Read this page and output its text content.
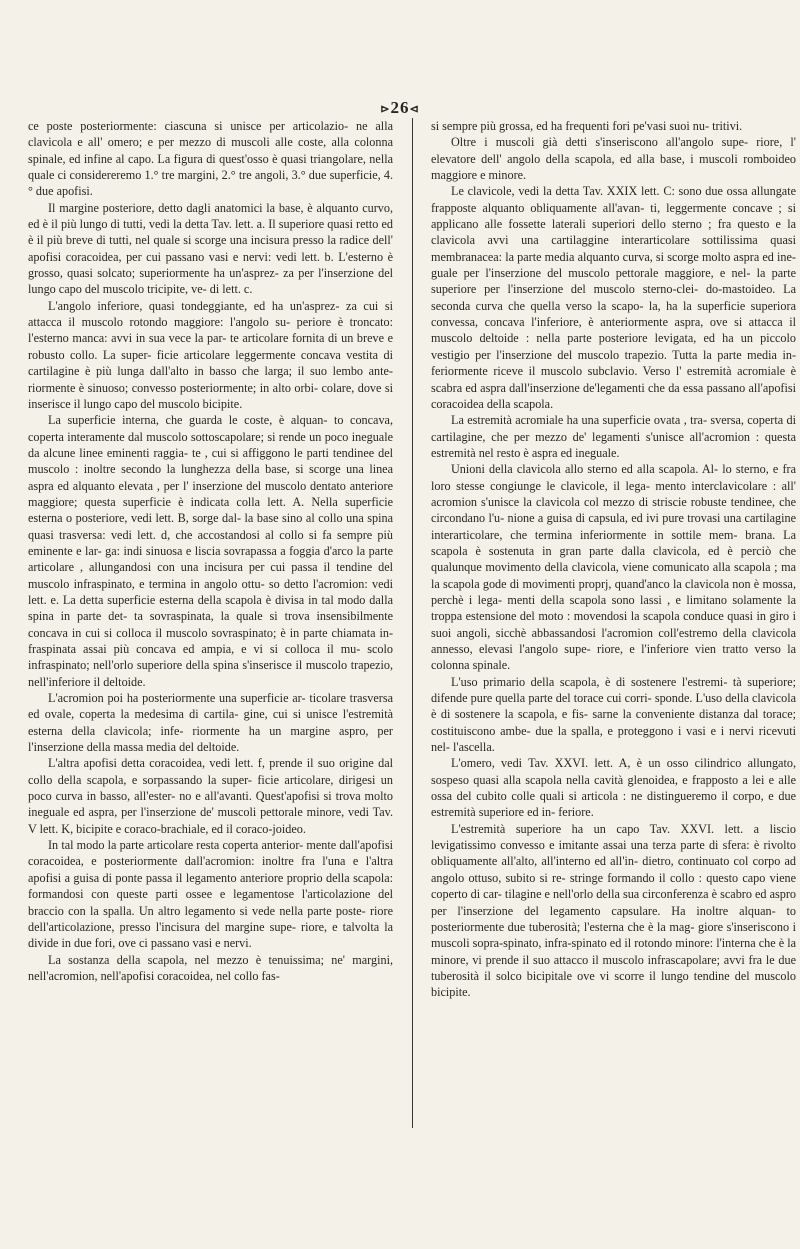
⊳26⊲

ce poste posteriormente: ciascuna si unisce per articolazio- ne alla clavicola e all' omero; e per mezzo di muscoli alle coste, alla colonna spinale, ed infine al capo. La figura di quest'osso è quasi triangolare, nella quale ci considereremo 1.° tre margini, 2.° tre angoli, 3.° due superficie, 4.° due apofisi.

Il margine posteriore, detto dagli anatomici la base, è alquanto curvo, ed è il più lungo di tutti, vedi la detta Tav. lett. a. Il superiore quasi retto ed è il più breve di tutti, nel quale si scorge una incisura presso la radice dell' apofisi coracoidea, per cui passano vasi e nervi: vedi lett. b. L'esterno è grosso, quasi solcato; superiormente ha un'asprez- za per l'inserzione del lungo capo del muscolo tricipite, ve- di lett. c.

L'angolo inferiore, quasi tondeggiante, ed ha un'asprez- za cui si attacca il muscolo rotondo maggiore: l'angolo su- periore è troncato: l'esterno manca: avvi in sua vece la par- te articolare fornita di un breve e robusto collo. La super- ficie articolare leggermente concava vestita di cartilagine è più lunga dall'alto in basso che larga; il suo lembo ante- riormente è sinuoso; convesso posteriormente; in alto orbi- colare, dove si inserisce il lungo capo del muscolo bicipite.

La superficie interna, che guarda le coste, è alquan- to concava, coperta interamente dal muscolo sottoscapolare; si rende un poco ineguale da alcune linee eminenti raggia- te , cui si affiggono le parti tendinee del muscolo : inoltre secondo la lunghezza della base, si scorge una linea aspra ed alquanto elevata , per l' inserzione del muscolo dentato anteriore maggiore; questa superficie è indicata colla lett. A. Nella superficie esterna o posteriore, vedi lett. B, sorge dal- la base sino al collo una spina quasi trasversa: vedi lett. d, che accostandosi al collo si fa sempre più eminente e lar- ga: indi sinuosa e liscia sovrapassa a foggia d'arco la parte articolare , allungandosi con una incisura per cui passa il tendine del muscolo infraspinato, e termina in angolo ottu- so detto l'acromion: vedi lett. e. La detta superficie esterna della scapola è divisa in tal modo dalla spina in parte det- ta sovraspinata, la quale si trova insensibilmente concava in cui si colloca il muscolo sovraspinato; è in parte chiamata in- fraspinata assai più concava ed ampia, e vi si colloca il mu- scolo infraspinato; nell'orlo superiore della spina s'inserisce il muscolo trapezio, nell'inferiore il deltoide.

L'acromion poi ha posteriormente una superficie ar- ticolare trasversa ed ovale, coperta la medesima di cartila- gine, cui si unisce l'estremità esterna della clavicola; infe- riormente ha un margine aspro, per l'inserzione della massa media del deltoide.

L'altra apofisi detta coracoidea, vedi lett. f, prende il suo origine dal collo della scapola, e sorpassando la super- ficie articolare, dirigesi un poco curva in basso, all'ester- no e all'avanti. Quest'apofisi si trova molto ineguale ed aspra, per l'inserzione de' muscoli pettorale minore, vedi Tav. V lett. K, bicipite e coraco-brachiale, ed il coraco-joideo.

In tal modo la parte articolare resta coperta anterior- mente dall'apofisi coracoidea, e posteriormente dall'acromion: inoltre fra l'una e l'altra apofisi a guisa di ponte passa il legamento anteriore proprio della scapola: formandosi con queste parti ossee e legamentose l'articolazione del braccio con la spalla. Un altro legamento si vede nella parte poste- riore dell'articolazione, presso l'incisura del margine supe- riore, e talvolta la divide in due fori, ove ci passano vasi e nervi.

La sostanza della scapola, nel mezzo è tenuissima; ne' margini, nell'acromion, nell'apofisi coracoidea, nel collo fas-

si sempre più grossa, ed ha frequenti fori pe'vasi suoi nu- tritivi.

Oltre i muscoli già detti s'inseriscono all'angolo supe- riore, l' elevatore dell' angolo della scapola, ed alla base, i muscoli romboideo maggiore e minore.

Le clavicole, vedi la detta Tav. XXIX lett. C: sono due ossa allungate frapposte alquanto obliquamente all'avan- ti, leggermente concave ; si applicano alle fossette laterali superiori dello sterno ; fra questo e la clavicola avvi una cartilaggine interarticolare sottilissima quasi membranacea: la parte media alquanto curva, si scorge molto aspra ed ine- guale per l'inserzione del muscolo pettorale maggiore, e nel- la parte superiore per l'inserzione del muscolo sterno-clei- do-mastoideo. La seconda curva che quella verso la scapo- la, ha la superficie superiora convessa, concava l'inferiore, è anteriormente aspra, ove si attacca il muscolo deltoide : nella parte posteriore levigata, ed ha un piccolo vestigio per l'inserzione del muscolo trapezio. Tutta la parte media in- feriormente riceve il muscolo subclavio. Verso l' estremità acromiale è scabra ed aspra dall'inserzione de'legamenti che da essa passano all'apofisi coracoidea della scapola.

La estremità acromiale ha una superficie ovata , tra- sversa, coperta di cartilagine, che per mezzo de' legamenti s'unisce all'acromion : questa estremità nel resto è aspra ed ineguale.

Unioni della clavicola allo sterno ed alla scapola. Al- lo sterno, e fra loro stesse congiunge le clavicole, il lega- mento interclavicolare : all' acromion s'unisce la clavicola col mezzo di striscie robuste tendinee, che circondano l'u- nione a guisa di capsula, ed ivi pure trovasi una cartilagine interarticolare, che termina inferiormente in sottile mem- brana. La scapola è sostenuta in gran parte dalla clavicola, ed è perciò che qualunque movimento della clavicola, viene comunicato alla scapola ; ma la scapola gode di movimenti proprj, quand'anco la clavicola non è mossa, perchè i lega- menti della scapola sono lassi , e limitano solamente la troppa estensione del moto : movendosi la scapola conduce quasi in giro i suoi angoli, sicchè abbassandosi l'acromion coll'estremo della clavicola annesso, elevasi l'angolo supe- riore, e l'inferiore vien tratto verso la colonna spinale.

L'uso primario della scapola, è di sostenere l'estremi- tà superiore; difende pure quella parte del torace cui corri- sponde. L'uso della clavicola è di sostenere la scapola, e fis- sarne la conveniente distanza dal torace; costituiscono ambe- due la spalla, e proteggono i vasi e i nervi ricevuti nel- l'ascella.

L'omero, vedi Tav. XXVI. lett. A, è un osso cilindrico allungato, sospeso quasi alla scapola nella cavità glenoidea, e frapposto a lei e alle ossa del cubito colle quali si articola : ne distingueremo il corpo, e due estremità superiore ed in- feriore.

L'estremità superiore ha un capo Tav. XXVI. lett. a liscio levigatissimo convesso e imitante assai una terza parte di sfera: è rivolto obliquamente all'alto, all'interno ed all'in- dietro, continuato col corpo ad angolo ottuso, subito si re- stringe formando il collo : questo capo viene coperto di car- tilagine e nell'orlo della sua circonferenza è scabro ed aspro per l'inserzione del legamento capsulare. Ha inoltre alquan- to posteriormente due tuberosità; l'esterna che è la mag- giore s'inseriscono i muscoli sopra-spinato, infra-spinato ed il rotondo minore: l'interna che è la minore, vi prende il suo attacco il muscolo infrascapolare; avvi fra le due tuberosità il solco bicipitale ove vi scorre il lungo tendine del muscolo bicipite.
